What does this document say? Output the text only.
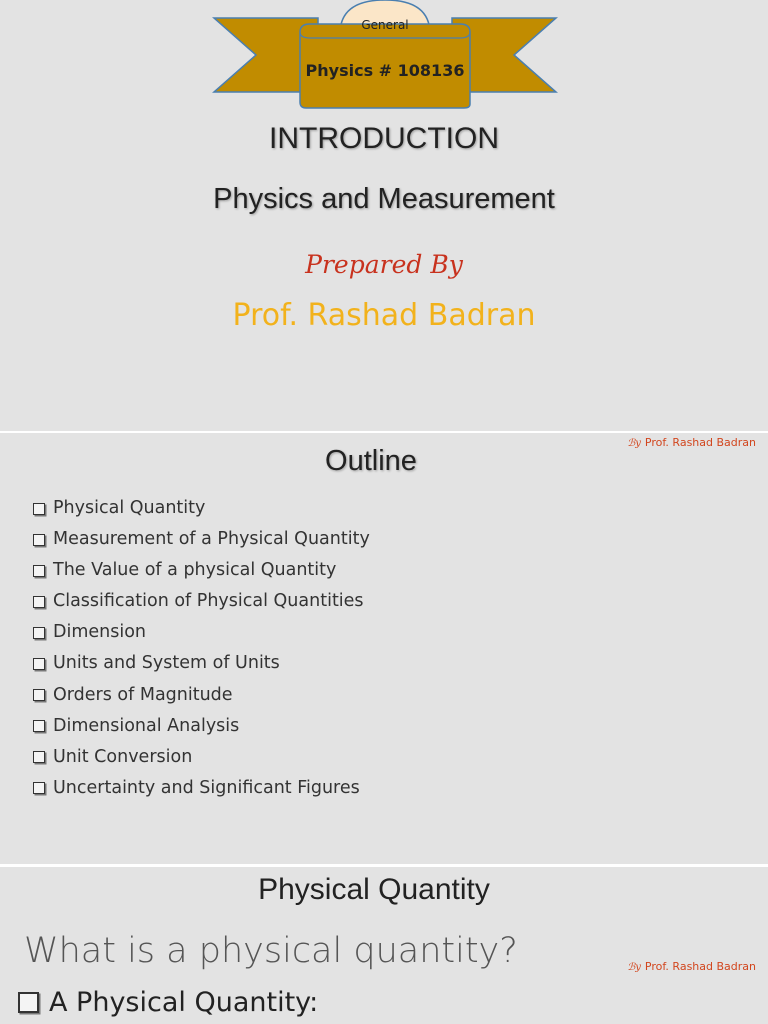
General
Physics # 108136
INTRODUCTION
Physics and Measurement
Prepared By
Prof. Rashad Badran
ℬy Prof. Rashad Badran
Outline
Physical Quantity
Measurement of a Physical Quantity
The Value of a physical Quantity
Classification of Physical Quantities
Dimension
Units and System of Units
Orders of Magnitude
Dimensional Analysis
Unit Conversion
Uncertainty and Significant Figures
Physical Quantity
What is a physical quantity?	ℬy Prof. Rashad Badran
A Physical Quantity:
